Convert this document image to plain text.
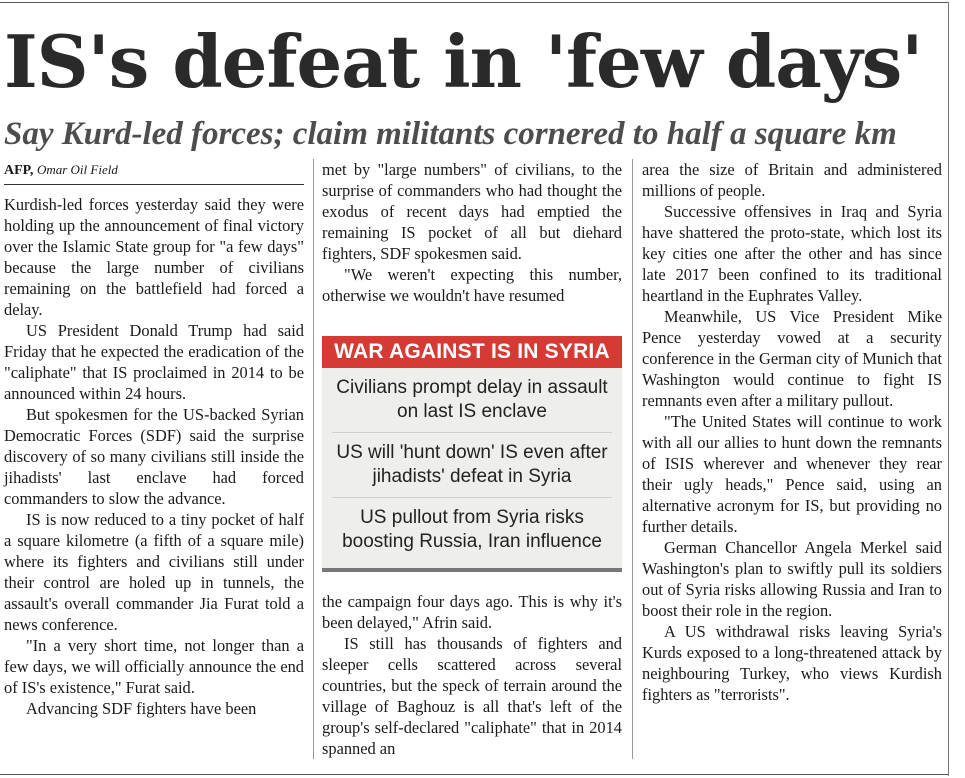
IS's defeat in 'few days'
Say Kurd-led forces; claim militants cornered to half a square km
AFP, Omar Oil Field

Kurdish-led forces yesterday said they were holding up the announcement of final victory over the Islamic State group for "a few days" because the large number of civilians remaining on the battlefield had forced a delay.

US President Donald Trump had said Friday that he expected the eradication of the "caliphate" that IS proclaimed in 2014 to be announced within 24 hours.

But spokesmen for the US-backed Syrian Democratic Forces (SDF) said the surprise discovery of so many civilians still inside the jihadists' last enclave had forced commanders to slow the advance.

IS is now reduced to a tiny pocket of half a square kilometre (a fifth of a square mile) where its fighters and civilians still under their control are holed up in tunnels, the assault's overall commander Jia Furat told a news conference.

"In a very short time, not longer than a few days, we will officially announce the end of IS's existence," Furat said.

Advancing SDF fighters have been

met by "large numbers" of civilians, to the surprise of commanders who had thought the exodus of recent days had emptied the remaining IS pocket of all but diehard fighters, SDF spokesmen said.

"We weren't expecting this number, otherwise we wouldn't have resumed

WAR AGAINST IS IN SYRIA
Civilians prompt delay in assault on last IS enclave
US will 'hunt down' IS even after jihadists' defeat in Syria
US pullout from Syria risks boosting Russia, Iran influence

the campaign four days ago. This is why it's been delayed," Afrin said.

IS still has thousands of fighters and sleeper cells scattered across several countries, but the speck of terrain around the village of Baghouz is all that's left of the group's self-declared "caliphate" that in 2014 spanned an

area the size of Britain and administered millions of people.

Successive offensives in Iraq and Syria have shattered the proto-state, which lost its key cities one after the other and has since late 2017 been confined to its traditional heartland in the Euphrates Valley.

Meanwhile, US Vice President Mike Pence yesterday vowed at a security conference in the German city of Munich that Washington would continue to fight IS remnants even after a military pullout.

"The United States will continue to work with all our allies to hunt down the remnants of ISIS wherever and whenever they rear their ugly heads," Pence said, using an alternative acronym for IS, but providing no further details.

German Chancellor Angela Merkel said Washington's plan to swiftly pull its soldiers out of Syria risks allowing Russia and Iran to boost their role in the region.

A US withdrawal risks leaving Syria's Kurds exposed to a long-threatened attack by neighbouring Turkey, who views Kurdish fighters as "terrorists".
